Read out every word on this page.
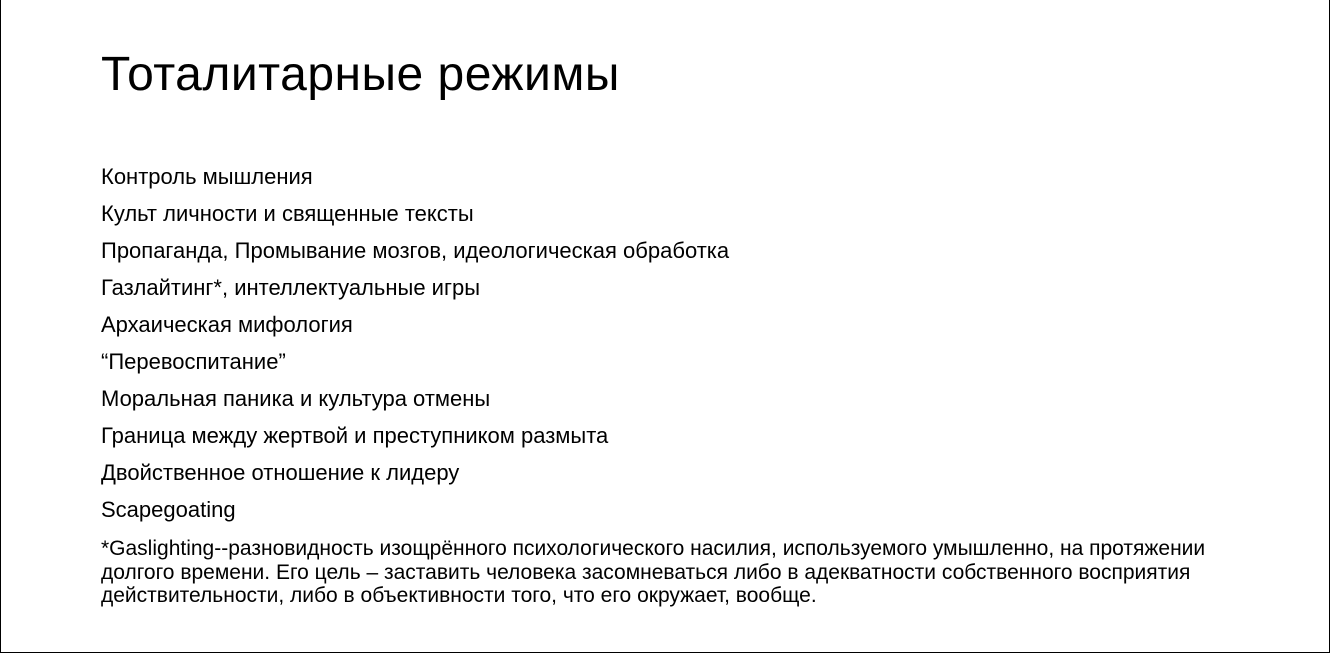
Тоталитарные режимы
Контроль мышления
Культ личности и священные тексты
Пропаганда, Промывание мозгов, идеологическая обработка
Газлайтинг*, интеллектуальные игры
Архаическая мифология
“Перевоспитание”
Моральная паника и культура отмены
Граница между жертвой и преступником размыта
Двойственное отношение к лидеру
Scapegoating

*Gaslighting--разновидность изощрённого психологического насилия, используемого умышленно, на протяжении долгого времени. Его цель – заставить человека засомневаться либо в адекватности собственного восприятия действительности, либо в объективности того, что его окружает, вообще.
